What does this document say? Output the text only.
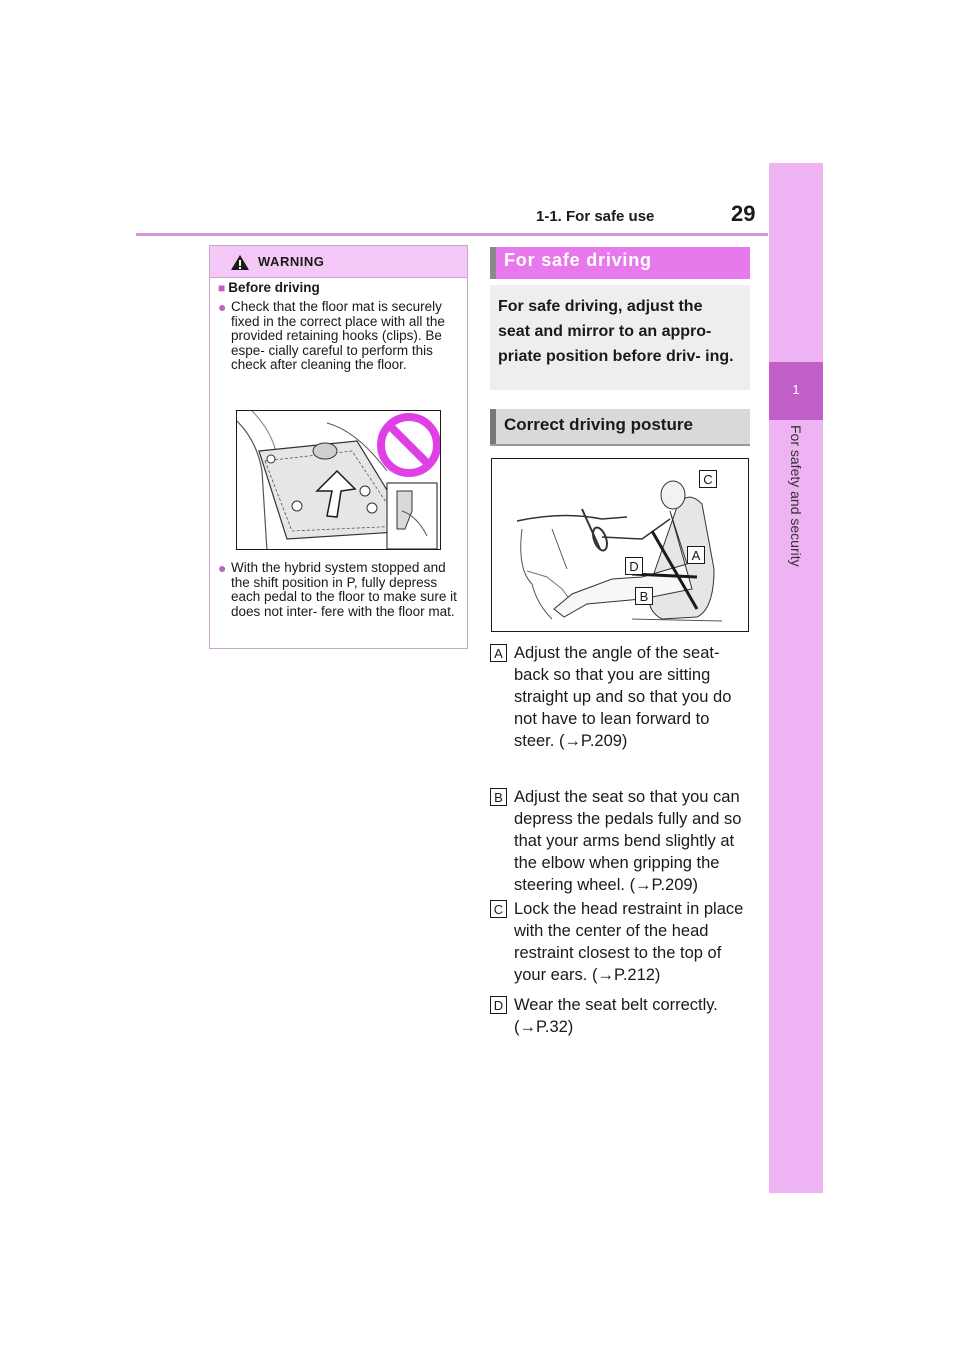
1-1. For safe use	29
1
For safety and security
WARNING
■ Before driving
● Check that the floor mat is securely fixed in the correct place with all the provided retaining hooks (clips). Be espe- cially careful to perform this check after cleaning the floor.
● With the hybrid system stopped and the shift position in P, fully depress each pedal to the floor to make sure it does not inter- fere with the floor mat.
For safe driving
For safe driving, adjust the seat and mirror to an appro- priate position before driv- ing.
Correct driving posture
C
A
D
B
A Adjust the angle of the seat- back so that you are sitting straight up and so that you do not have to lean forward to steer. (→P.209)
B Adjust the seat so that you can depress the pedals fully and so that your arms bend slightly at the elbow when gripping the steering wheel. (→P.209)
C Lock the head restraint in place with the center of the head restraint closest to the top of your ears. (→P.212)
D Wear the seat belt correctly. (→P.32)
